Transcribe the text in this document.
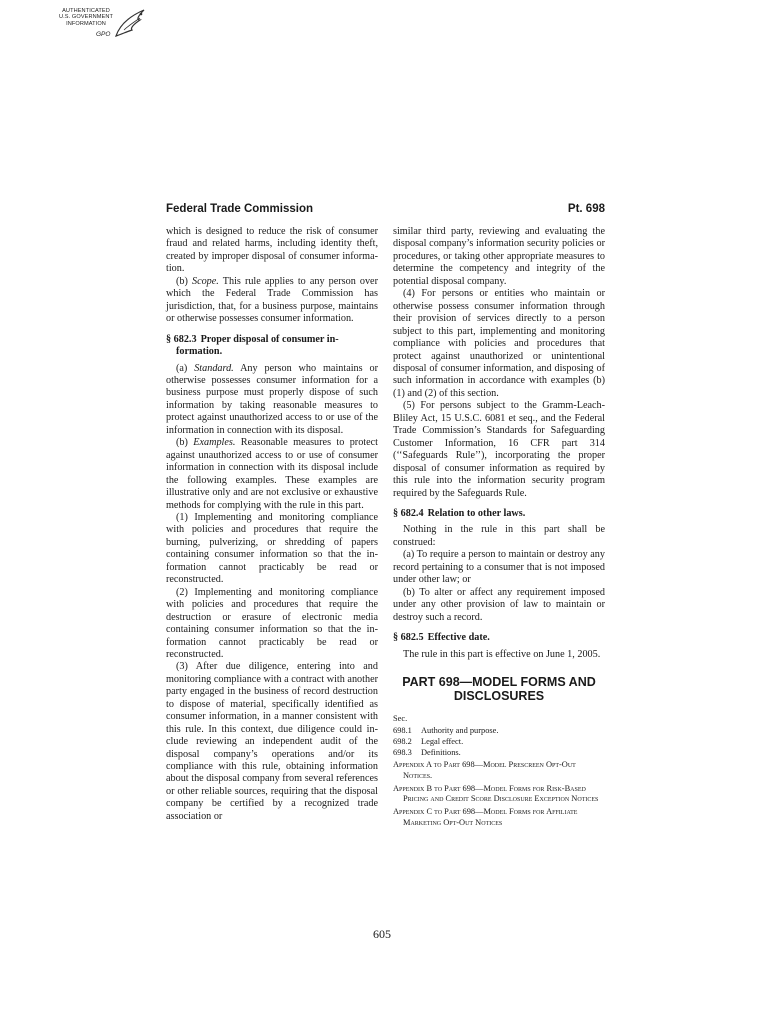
AUTHENTICATED
U.S. GOVERNMENT
INFORMATION
GPO
Federal Trade Commission	Pt. 698

which is designed to reduce the risk of consumer fraud and related harms, including identity theft, created by improper disposal of consumer information.

(b) Scope. This rule applies to any person over which the Federal Trade Commission has jurisdiction, that, for a business purpose, maintains or otherwise possesses consumer information.

§ 682.3 Proper disposal of consumer information.

(a) Standard. Any person who maintains or otherwise possesses consumer information for a business purpose must properly dispose of such information by taking reasonable measures to protect against unauthorized access to or use of the information in connection with its disposal.

(b) Examples. Reasonable measures to protect against unauthorized access to or use of consumer information in connection with its disposal include the following examples. These examples are illustrative only and are not exclusive or exhaustive methods for complying with the rule in this part.

(1) Implementing and monitoring compliance with policies and procedures that require the burning, pulverizing, or shredding of papers containing consumer information so that the information cannot practicably be read or reconstructed.

(2) Implementing and monitoring compliance with policies and procedures that require the destruction or erasure of electronic media containing consumer information so that the information cannot practicably be read or reconstructed.

(3) After due diligence, entering into and monitoring compliance with a contract with another party engaged in the business of record destruction to dispose of material, specifically identified as consumer information, in a manner consistent with this rule. In this context, due diligence could include reviewing an independent audit of the disposal company’s operations and/or its compliance with this rule, obtaining information about the disposal company from several references or other reliable sources, requiring that the disposal company be certified by a recognized trade association or

similar third party, reviewing and evaluating the disposal company’s information security policies or procedures, or taking other appropriate measures to determine the competency and integrity of the potential disposal company.

(4) For persons or entities who maintain or otherwise possess consumer information through their provision of services directly to a person subject to this part, implementing and monitoring compliance with policies and procedures that protect against unauthorized or unintentional disposal of consumer information, and disposing of such information in accordance with examples (b)(1) and (2) of this section.

(5) For persons subject to the Gramm-Leach-Bliley Act, 15 U.S.C. 6081 et seq., and the Federal Trade Commission’s Standards for Safeguarding Customer Information, 16 CFR part 314 (‘‘Safeguards Rule’’), incorporating the proper disposal of consumer information as required by this rule into the information security program required by the Safeguards Rule.

§ 682.4 Relation to other laws.

Nothing in the rule in this part shall be construed:

(a) To require a person to maintain or destroy any record pertaining to a consumer that is not imposed under other law; or

(b) To alter or affect any requirement imposed under any other provision of law to maintain or destroy such a record.

§ 682.5 Effective date.

The rule in this part is effective on June 1, 2005.

PART 698—MODEL FORMS AND DISCLOSURES

Sec.
698.1	Authority and purpose.
698.2	Legal effect.
698.3	Definitions.
Appendix A to Part 698—Model Prescreen Opt-Out Notices.
Appendix B to Part 698—Model Forms for Risk-Based Pricing and Credit Score Disclosure Exception Notices
Appendix C to Part 698—Model Forms for Affiliate Marketing Opt-Out Notices
605
